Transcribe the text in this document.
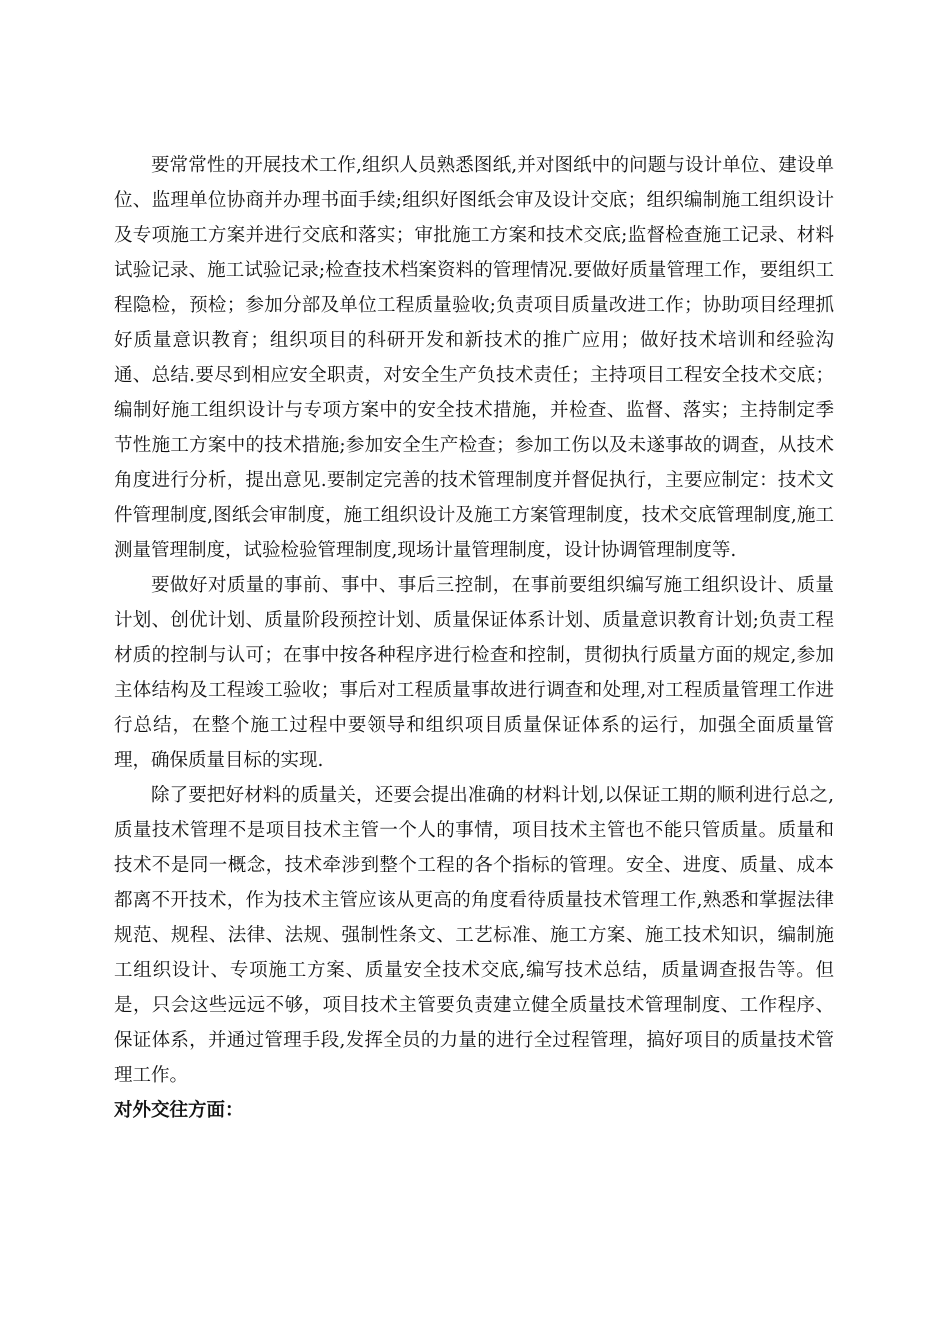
要常常性的开展技术工作,组织人员熟悉图纸,并对图纸中的问题与设计单位、建设单位、监理单位协商并办理书面手续;组织好图纸会审及设计交底；组织编制施工组织设计及专项施工方案并进行交底和落实；审批施工方案和技术交底;监督检查施工记录、材料试验记录、施工试验记录;检查技术档案资料的管理情况.要做好质量管理工作，要组织工程隐检，预检；参加分部及单位工程质量验收;负责项目质量改进工作；协助项目经理抓好质量意识教育；组织项目的科研开发和新技术的推广应用；做好技术培训和经验沟通、总结.要尽到相应安全职责，对安全生产负技术责任；主持项目工程安全技术交底；编制好施工组织设计与专项方案中的安全技术措施，并检查、监督、落实；主持制定季节性施工方案中的技术措施;参加安全生产检查；参加工伤以及未遂事故的调查，从技术角度进行分析，提出意见.要制定完善的技术管理制度并督促执行，主要应制定：技术文件管理制度,图纸会审制度，施工组织设计及施工方案管理制度，技术交底管理制度,施工测量管理制度，试验检验管理制度,现场计量管理制度，设计协调管理制度等.

要做好对质量的事前、事中、事后三控制，在事前要组织编写施工组织设计、质量计划、创优计划、质量阶段预控计划、质量保证体系计划、质量意识教育计划;负责工程材质的控制与认可；在事中按各种程序进行检查和控制，贯彻执行质量方面的规定,参加主体结构及工程竣工验收；事后对工程质量事故进行调查和处理,对工程质量管理工作进行总结，在整个施工过程中要领导和组织项目质量保证体系的运行，加强全面质量管理，确保质量目标的实现.

除了要把好材料的质量关，还要会提出准确的材料计划,以保证工期的顺利进行总之,质量技术管理不是项目技术主管一个人的事情，项目技术主管也不能只管质量。质量和技术不是同一概念，技术牵涉到整个工程的各个指标的管理。安全、进度、质量、成本都离不开技术，作为技术主管应该从更高的角度看待质量技术管理工作,熟悉和掌握法律规范、规程、法律、法规、强制性条文、工艺标准、施工方案、施工技术知识，编制施工组织设计、专项施工方案、质量安全技术交底,编写技术总结，质量调查报告等。但是，只会这些远远不够，项目技术主管要负责建立健全质量技术管理制度、工作程序、保证体系，并通过管理手段,发挥全员的力量的进行全过程管理，搞好项目的质量技术管理工作。

对外交往方面：
